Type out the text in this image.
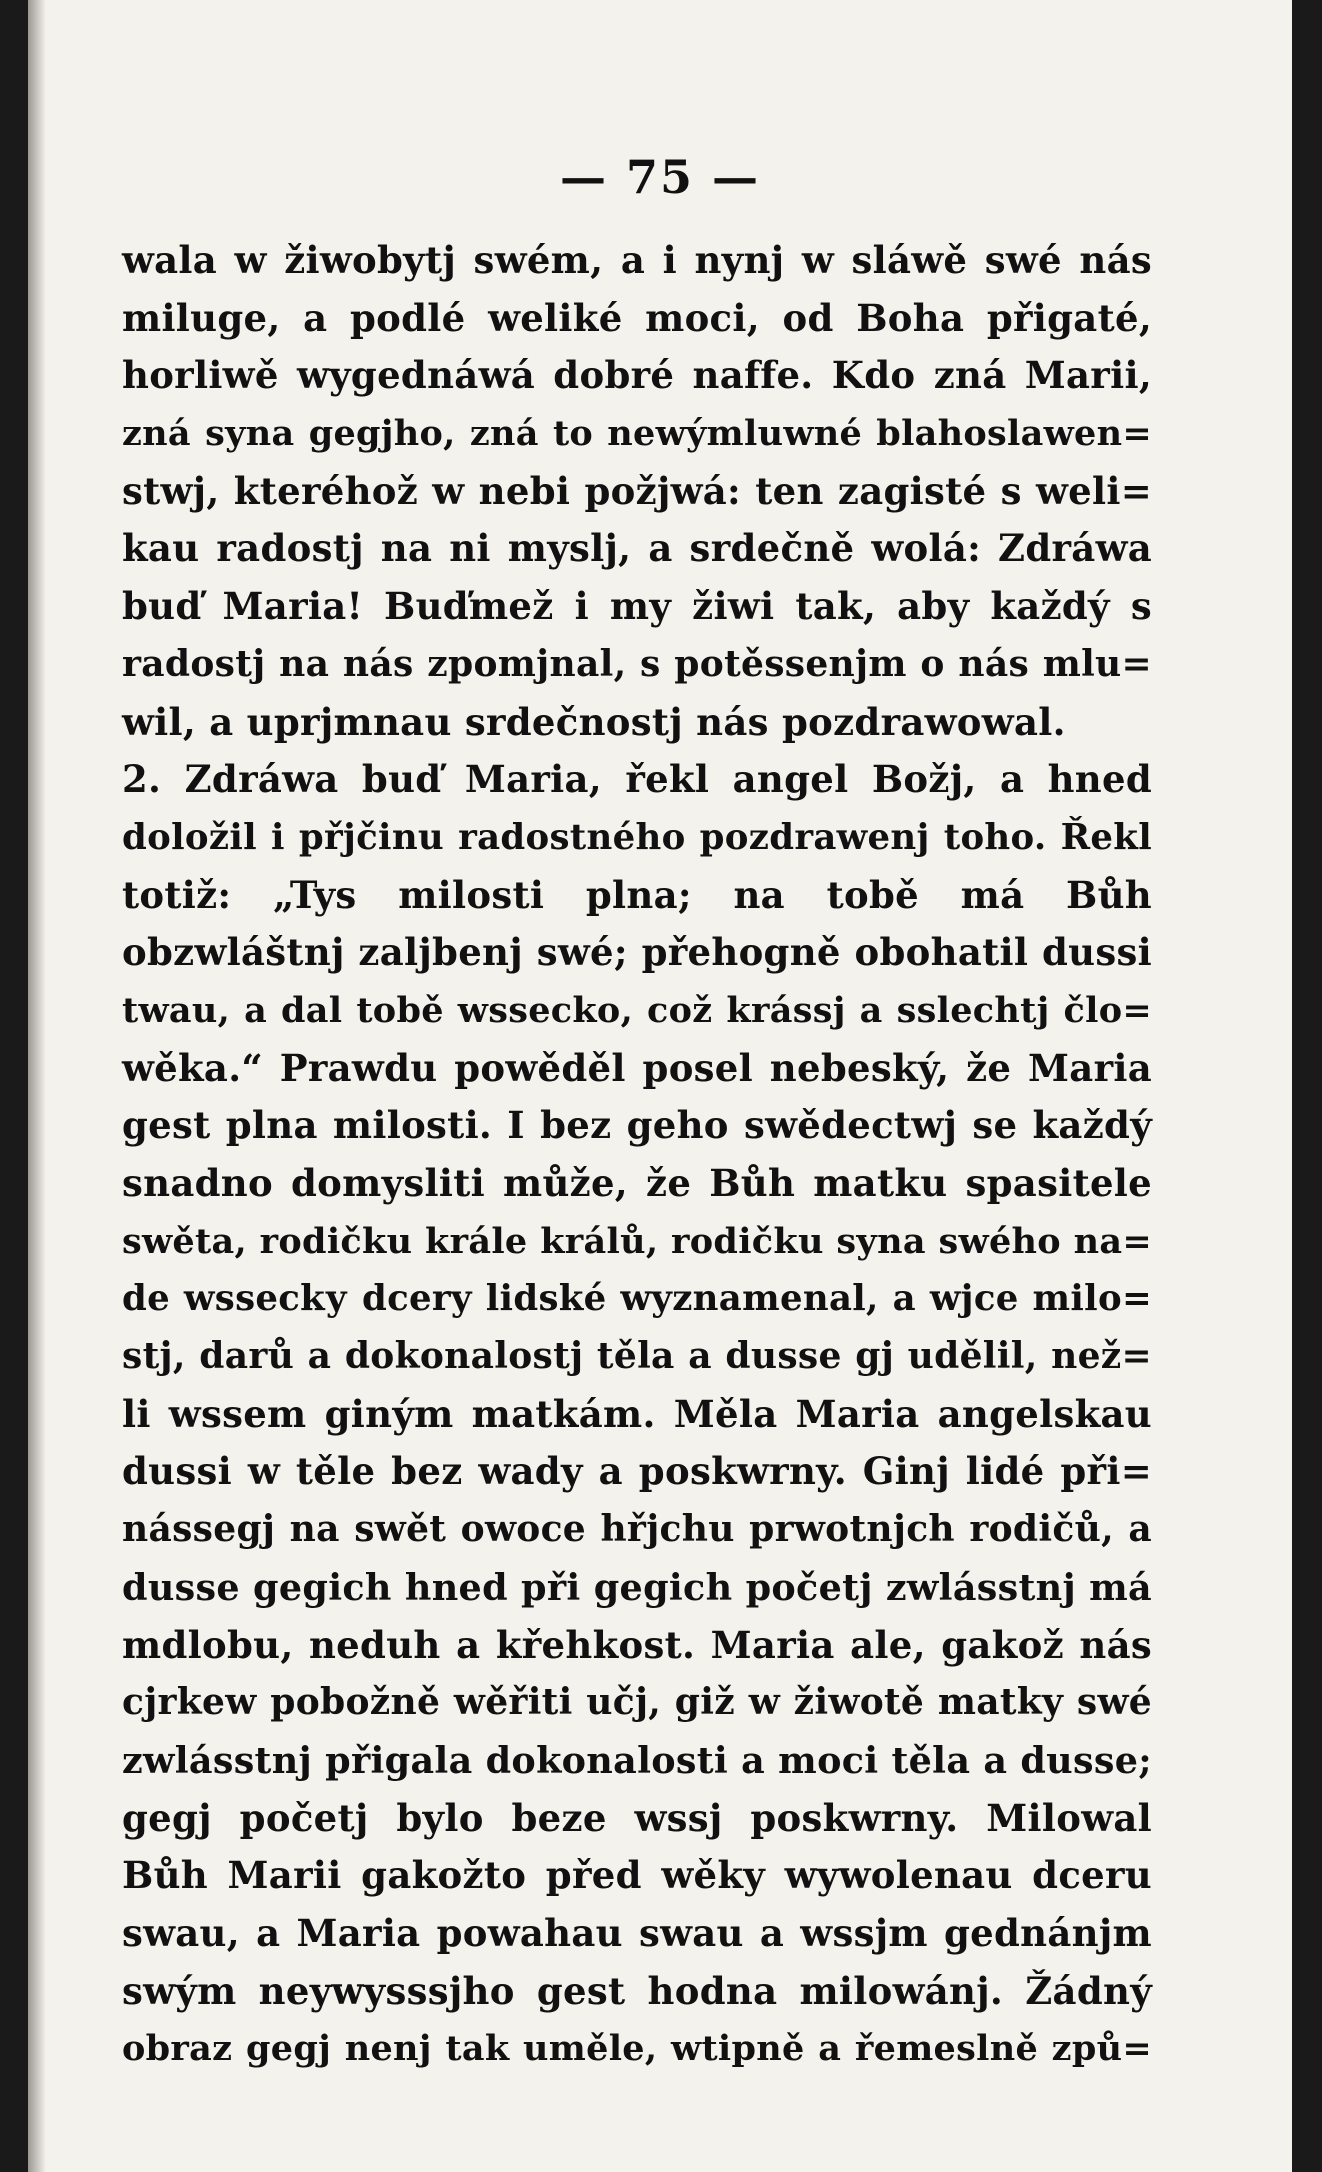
— 75 —
wala w žiwobytj swém, a i nynj w sláwě swé nás
miluge, a podlé weliké moci, od Boha přigaté,
horliwě wygednáwá dobré naffe. Kdo zná Marii,
zná syna gegjho, zná to newýmluwné blahoslawen=
stwj, kteréhož w nebi požjwá: ten zagisté s weli=
kau radostj na ni myslj, a srdečně wolá: Zdráwa
buď Maria! Buďmež i my žiwi tak, aby každý s
radostj na nás zpomjnal, s potěssenjm o nás mlu=
wil, a uprjmnau srdečnostj nás pozdrawowal.
2. Zdráwa buď Maria, řekl angel Božj, a hned
doložil i přjčinu radostného pozdrawenj toho. Řekl
totiž: „Tys milosti plna; na tobě má Bůh
obzwláštnj zaljbenj swé; přehogně obohatil dussi
twau, a dal tobě wsseckо, což krássj a sslechtj člo=
wěka.“ Prawdu powěděl posel nebeský, že Maria
gest plna milosti. I bez geho swědectwj se každý
snadno domysliti může, že Bůh matku spasitele
swěta, rodičku krále králů, rodičku syna swého na=
de wsseckу dcery lidské wyznamenal, a wjce milo=
stj, darů a dokonalostj těla a dusse gj udělil, než=
li wssem giným matkám. Měla Maria angelskau
dussi w těle bez wady a poskwrny. Ginj lidé při=
nássegj na swět owoce hřjchu prwotnjch rodičů, a
dusse gegich hned při gegich početj zwlásstnj má
mdlobu, neduh a křehkost. Maria ale, gakož nás
cjrkew pobožně wěřiti učj, giž w žiwotě matky swé
zwlásstnj přigala dokonalosti a moci těla a dusse;
gegj početj bylo beze wssj poskwrny. Milowal
Bůh Marii gakožto před wěky wywolenau dceru
swau, a Maria powahau swau a wssjm gednánjm
swým neywysssjho gest hodna milowánj. Žádný
obraz gegj nenj tak uměle, wtipně a řemeslně způ=
